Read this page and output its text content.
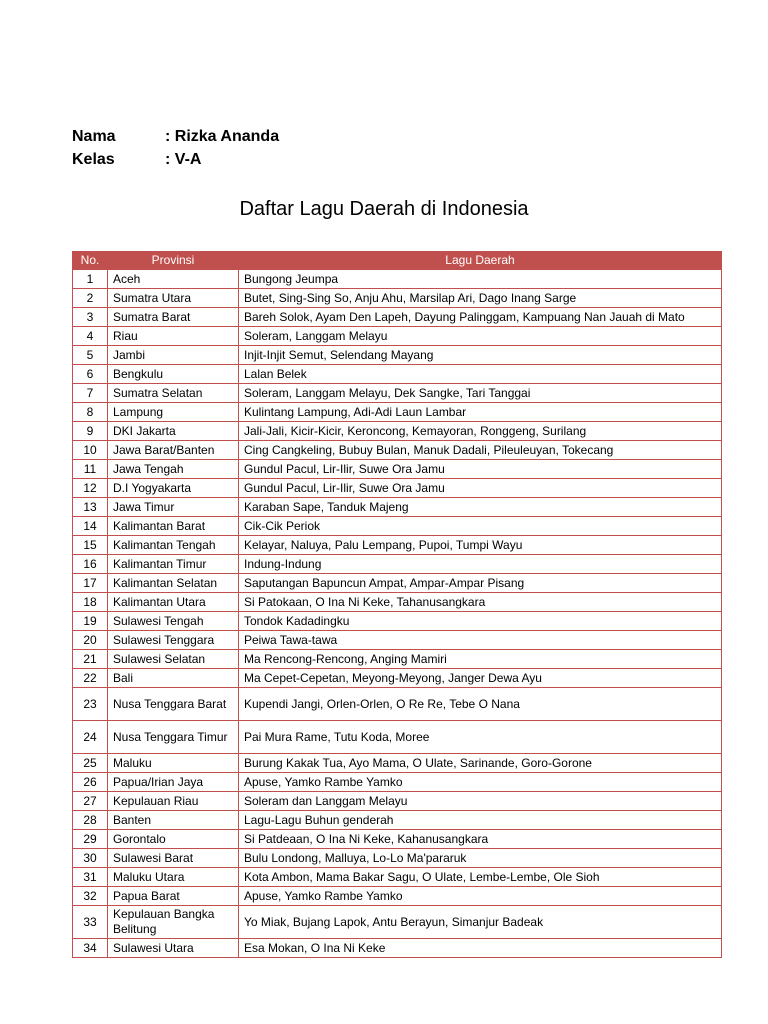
Nama	: Rizka Ananda
Kelas	: V-A
Daftar Lagu Daerah di Indonesia
No.	Provinsi	Lagu Daerah
1	Aceh	Bungong Jeumpa
2	Sumatra Utara	Butet, Sing-Sing So, Anju Ahu, Marsilap Ari, Dago Inang Sarge
3	Sumatra Barat	Bareh Solok, Ayam Den Lapeh, Dayung Palinggam, Kampuang Nan Jauah di Mato
4	Riau	Soleram, Langgam Melayu
5	Jambi	Injit-Injit Semut, Selendang Mayang
6	Bengkulu	Lalan Belek
7	Sumatra Selatan	Soleram, Langgam Melayu, Dek Sangke, Tari Tanggai
8	Lampung	Kulintang Lampung, Adi-Adi Laun Lambar
9	DKI Jakarta	Jali-Jali, Kicir-Kicir, Keroncong, Kemayoran, Ronggeng, Surilang
10	Jawa Barat/Banten	Cing Cangkeling, Bubuy Bulan, Manuk Dadali, Pileuleuyan, Tokecang
11	Jawa Tengah	Gundul Pacul, Lir-Ilir, Suwe Ora Jamu
12	D.I Yogyakarta	Gundul Pacul, Lir-Ilir, Suwe Ora Jamu
13	Jawa Timur	Karaban Sape, Tanduk Majeng
14	Kalimantan Barat	Cik-Cik Periok
15	Kalimantan Tengah	Kelayar, Naluya, Palu Lempang, Pupoi, Tumpi Wayu
16	Kalimantan Timur	Indung-Indung
17	Kalimantan Selatan	Saputangan Bapuncun Ampat, Ampar-Ampar Pisang
18	Kalimantan Utara	Si Patokaan, O Ina Ni Keke, Tahanusangkara
19	Sulawesi Tengah	Tondok Kadadingku
20	Sulawesi Tenggara	Peiwa Tawa-tawa
21	Sulawesi Selatan	Ma Rencong-Rencong, Anging Mamiri
22	Bali	Ma Cepet-Cepetan, Meyong-Meyong, Janger Dewa Ayu
23	Nusa Tenggara Barat	Kupendi Jangi, Orlen-Orlen, O Re Re, Tebe O Nana
24	Nusa Tenggara Timur	Pai Mura Rame, Tutu Koda, Moree
25	Maluku	Burung Kakak Tua, Ayo Mama, O Ulate, Sarinande, Goro-Gorone
26	Papua/Irian Jaya	Apuse, Yamko Rambe Yamko
27	Kepulauan Riau	Soleram dan Langgam Melayu
28	Banten	Lagu-Lagu Buhun genderah
29	Gorontalo	Si Patdeaan, O Ina Ni Keke, Kahanusangkara
30	Sulawesi Barat	Bulu Londong, Malluya, Lo-Lo Ma'pararuk
31	Maluku Utara	Kota Ambon, Mama Bakar Sagu, O Ulate, Lembe-Lembe, Ole Sioh
32	Papua Barat	Apuse, Yamko Rambe Yamko
33	Kepulauan Bangka Belitung	Yo Miak, Bujang Lapok, Antu Berayun, Simanjur Badeak
34	Sulawesi Utara	Esa Mokan, O Ina Ni Keke
